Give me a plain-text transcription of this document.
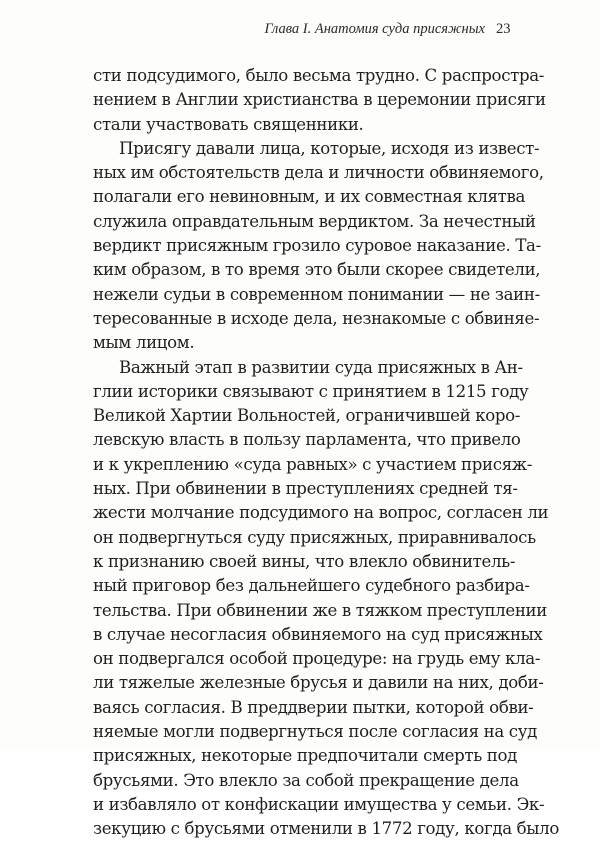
Глава I. Анатомия суда присяжных 23
сти подсудимого, было весьма трудно. С распростра-
нением в Англии христианства в церемонии присяги
стали участвовать священники.
Присягу давали лица, которые, исходя из извест-
ных им обстоятельств дела и личности обвиняемого,
полагали его невиновным, и их совместная клятва
служила оправдательным вердиктом. За нечестный
вердикт присяжным грозило суровое наказание. Та-
ким образом, в то время это были скорее свидетели,
нежели судьи в современном понимании — не заин-
тересованные в исходе дела, незнакомые с обвиняе-
мым лицом.
Важный этап в развитии суда присяжных в Ан-
глии историки связывают с принятием в 1215 году
Великой Хартии Вольностей, ограничившей коро-
левскую власть в пользу парламента, что привело
и к укреплению «суда равных» с участием присяж-
ных. При обвинении в преступлениях средней тя-
жести молчание подсудимого на вопрос, согласен ли
он подвергнуться суду присяжных, приравнивалось
к признанию своей вины, что влекло обвинитель-
ный приговор без дальнейшего судебного разбира-
тельства. При обвинении же в тяжком преступлении
в случае несогласия обвиняемого на суд присяжных
он подвергался особой процедуре: на грудь ему кла-
ли тяжелые железные брусья и давили на них, доби-
ваясь согласия. В преддверии пытки, которой обви-
няемые могли подвергнуться после согласия на суд
присяжных, некоторые предпочитали смерть под
брусьями. Это влекло за собой прекращение дела
и избавляло от конфискации имущества у семьи. Эк-
зекуцию с брусьями отменили в 1772 году, когда было
